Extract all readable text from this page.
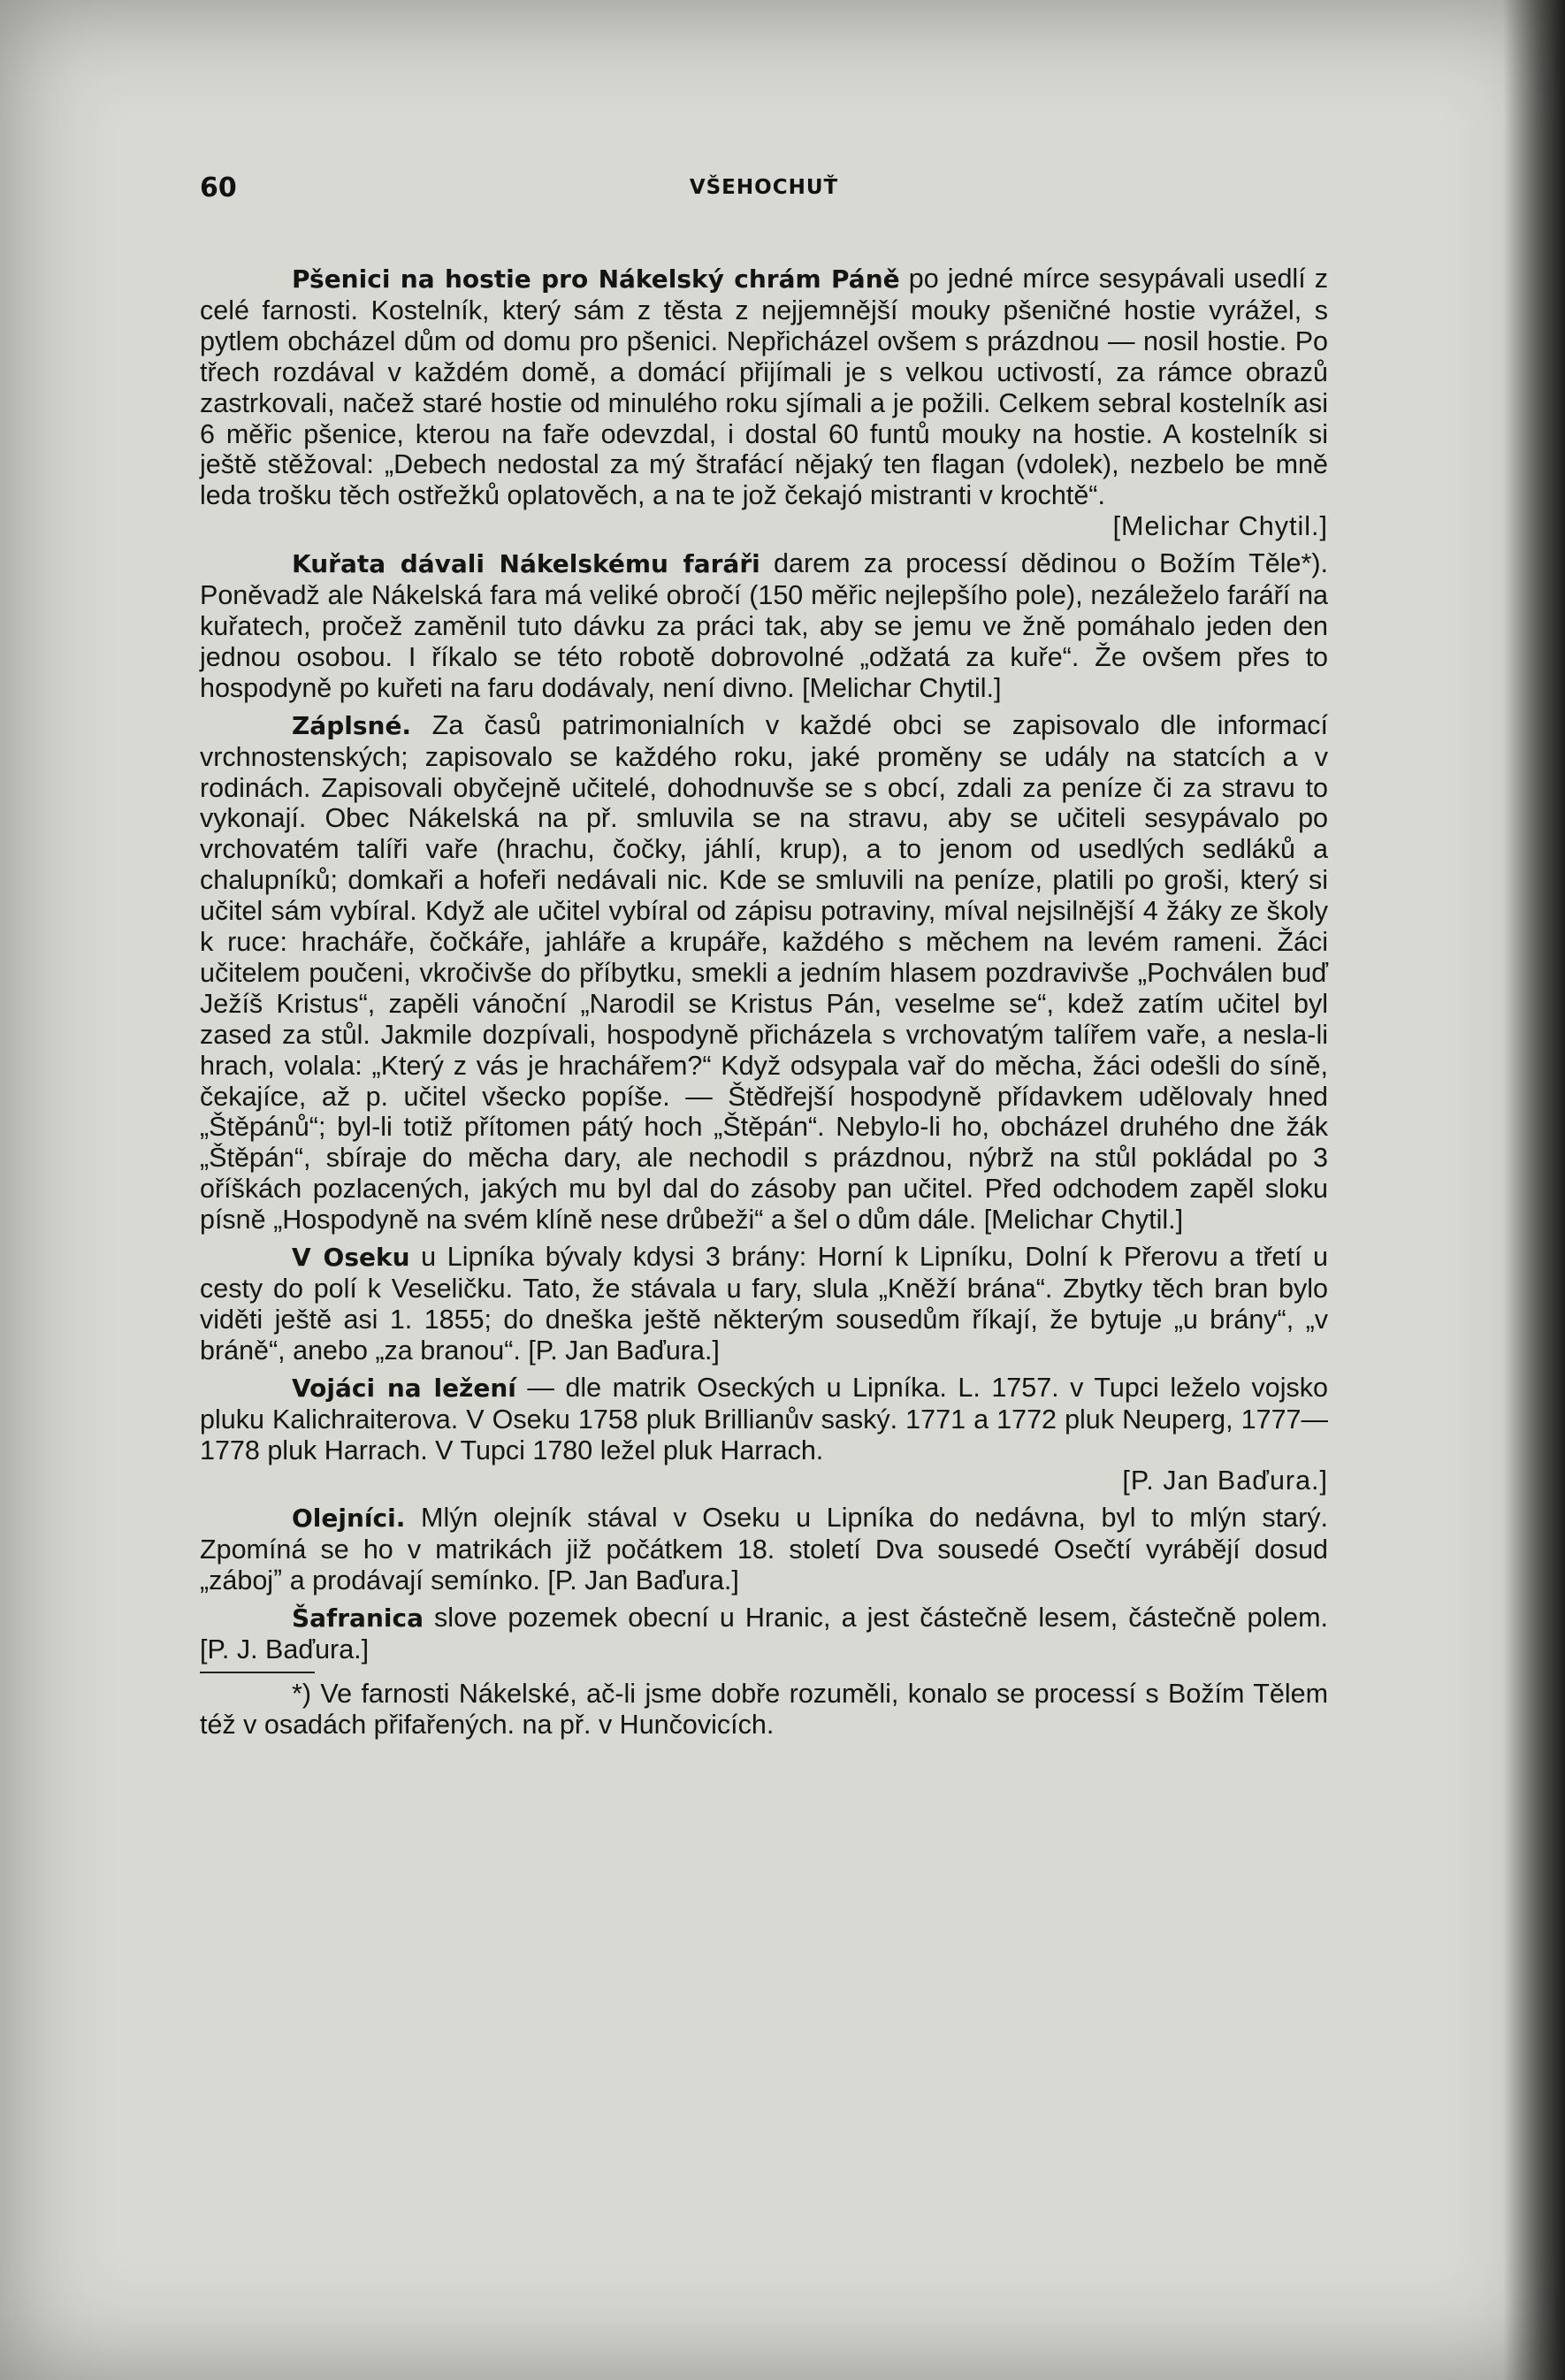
60	VŠEHOCHUŤ

Pšenici na hostie pro Nákelský chrám Páně po jedné mírce sesypávali usedlí z celé farnosti. Kostelník, který sám z těsta z nejjemnější mouky pšeničné hostie vyrážel, s pytlem obcházel dům od domu pro pšenici. Nepřicházel ovšem s prázdnou — nosil hostie. Po třech rozdával v každém domě, a domácí přijímali je s velkou uctivostí, za rámce obrazů zastrkovali, načež staré hostie od minulého roku sjímali a je požili. Celkem sebral kostelník asi 6 měřic pšenice, kterou na faře odevzdal, i dostal 60 funtů mouky na hostie. A kostelník si ještě stěžoval: „Debech nedostal za mý štrafácí nějaký ten flagan (vdolek), nezbelo be mně leda trošku těch ostřežků oplatověch, a na te jož čekajó mistranti v krochtě“.
[Melichar Chytil.]

Kuřata dávali Nákelskému faráři darem za processí dědinou o Božím Těle*). Poněvadž ale Nákelská fara má veliké obročí (150 měřic nejlepšího pole), nezáleželo faráří na kuřatech, pročež zaměnil tuto dávku za práci tak, aby se jemu ve žně pomáhalo jeden den jednou osobou. I říkalo se této robotě dobrovolné „odžatá za kuře“. Že ovšem přes to hospodyně po kuřeti na faru dodávaly, není divno. [Melichar Chytil.]

Záplsné. Za časů patrimonialních v každé obci se zapisovalo dle informací vrchnostenských; zapisovalo se každého roku, jaké proměny se udály na statcích a v rodinách. Zapisovali obyčejně učitelé, dohodnuvše se s obcí, zdali za peníze či za stravu to vykonají. Obec Nákelská na př. smluvila se na stravu, aby se učiteli sesypávalo po vrchovatém talíři vaře (hrachu, čočky, jáhlí, krup), a to jenom od usedlých sedláků a chalupníků; domkaři a hofeři nedávali nic. Kde se smluvili na peníze, platili po groši, který si učitel sám vybíral. Když ale učitel vybíral od zápisu potraviny, míval nejsilnější 4 žáky ze školy k ruce: hracháře, čočkáře, jahláře a krupáře, každého s měchem na levém rameni. Žáci učitelem poučeni, vkročivše do příbytku, smekli a jedním hlasem pozdravivše „Pochválen buď Ježíš Kristus“, zapěli vánoční „Narodil se Kristus Pán, veselme se“, kdež zatím učitel byl zased za stůl. Jakmile dozpívali, hospodyně přicházela s vrchovatým talířem vaře, a nesla-li hrach, volala: „Který z vás je hrachářem?“ Když odsypala vař do měcha, žáci odešli do síně, čekajíce, až p. učitel všecko popíše. — Štědřejší hospodyně přídavkem udělovaly hned „Štěpánů“; byl-li totiž přítomen pátý hoch „Štěpán“. Nebylo-li ho, obcházel druhého dne žák „Štěpán“, sbíraje do měcha dary, ale nechodil s prázdnou, nýbrž na stůl pokládal po 3 oříškách pozlacených, jakých mu byl dal do zásoby pan učitel. Před odchodem zapěl sloku písně „Hospodyně na svém klíně nese drůbeži“ a šel o dům dále. [Melichar Chytil.]

V Oseku u Lipníka bývaly kdysi 3 brány: Horní k Lipníku, Dolní k Přerovu a třetí u cesty do polí k Veseličku. Tato, že stávala u fary, slula „Kněží brána“. Zbytky těch bran bylo viděti ještě asi 1. 1855; do dneška ještě některým sousedům říkají, že bytuje „u brány“, „v bráně“, anebo „za branou“. [P. Jan Baďura.]

Vojáci na ležení — dle matrik Oseckých u Lipníka. L. 1757. v Tupci leželo vojsko pluku Kalichraiterova. V Oseku 1758 pluk Brillianův saský. 1771 a 1772 pluk Neuperg, 1777—1778 pluk Harrach. V Tupci 1780 ležel pluk Harrach.
[P. Jan Baďura.]

Olejníci. Mlýn olejník stával v Oseku u Lipníka do nedávna, byl to mlýn starý. Zpomíná se ho v matrikách již počátkem 18. století Dva sousedé Osečtí vyrábějí dosud „zábojˮ a prodávají semínko. [P. Jan Baďura.]

Šafranica slove pozemek obecní u Hranic, a jest částečně lesem, částečně polem. [P. J. Baďura.]

*) Ve farnosti Nákelské, ač-li jsme dobře rozuměli, konalo se processí s Božím Tělem též v osadách přifařených. na př. v Hunčovicích.
